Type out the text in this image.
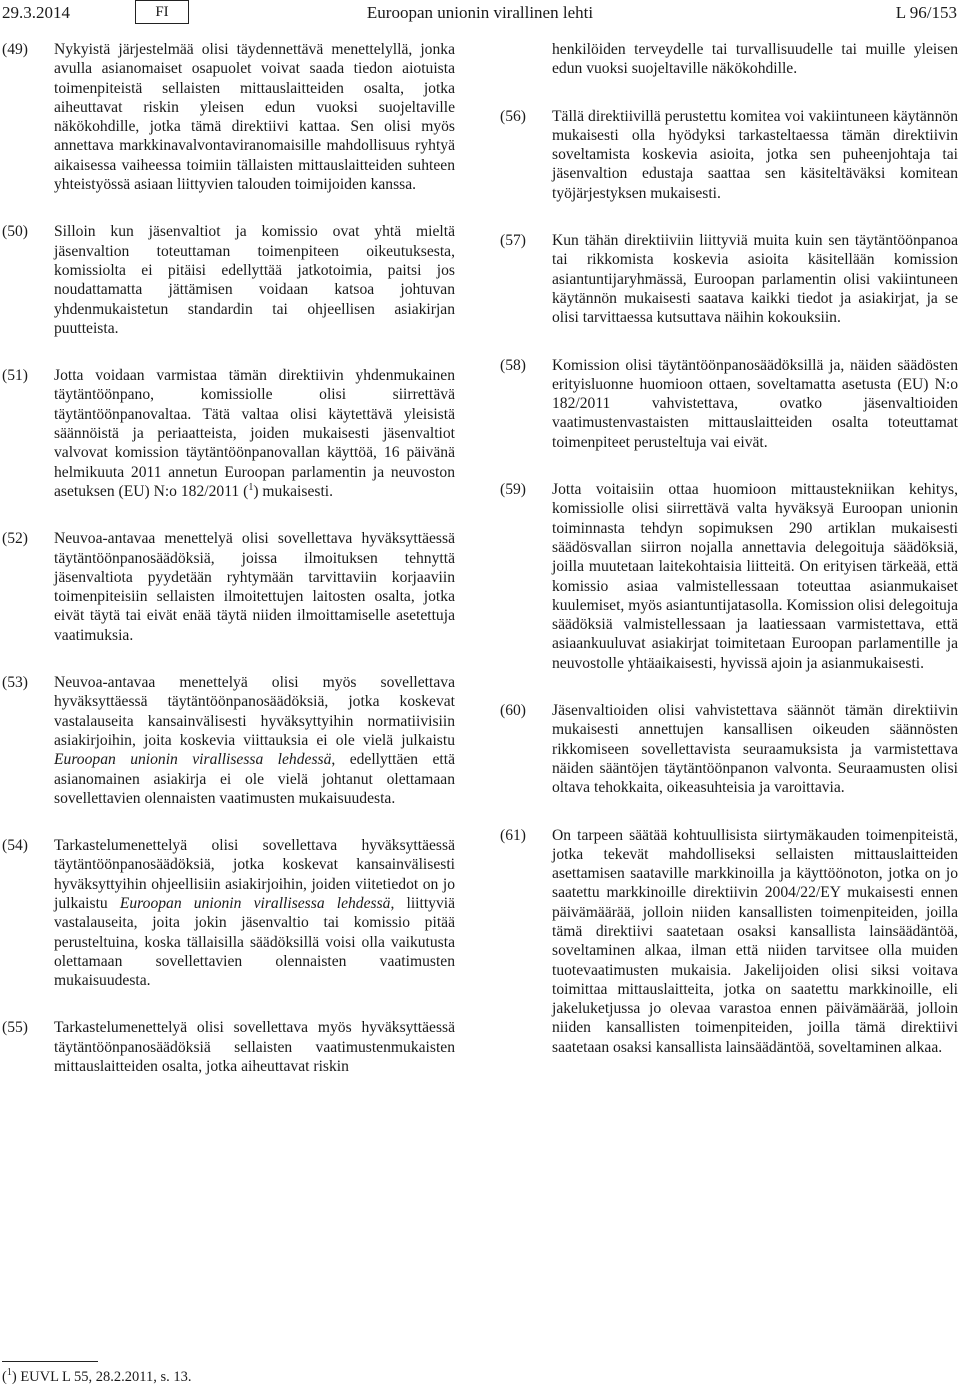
Euroopan unionin virallinen lehti
29.3.2014	FI	L 96/153
(49) Nykyistä järjestelmää olisi täydennettävä menettelyllä, jonka avulla asianomaiset osapuolet voivat saada tiedon aiotuista toimenpiteistä sellaisten mittauslaitteiden osalta, jotka aiheuttavat riskin yleisen edun vuoksi suojeltaville näkökohdille, jotka tämä direktiivi kattaa. Sen olisi myös annettava markkinavalvontaviranomaisille mahdollisuus ryhtyä aikaisessa vaiheessa toimiin tällaisten mittauslaitteiden suhteen yhteistyössä asiaan liittyvien talouden toimijoiden kanssa.
(50) Silloin kun jäsenvaltiot ja komissio ovat yhtä mieltä jäsenvaltion toteuttaman toimenpiteen oikeutuksesta, komissiolta ei pitäisi edellyttää jatkotoimia, paitsi jos noudattamatta jättämisen voidaan katsoa johtuvan yhdenmukaistetun standardin tai ohjeellisen asiakirjan puutteista.
(51) Jotta voidaan varmistaa tämän direktiivin yhdenmukainen täytäntöönpano, komissiolle olisi siirrettävä täytäntöönpanovaltaa. Tätä valtaa olisi käytettävä yleisistä säännöistä ja periaatteista, joiden mukaisesti jäsenvaltiot valvovat komission täytäntöönpanovallan käyttöä, 16 päivänä helmikuuta 2011 annetun Euroopan parlamentin ja neuvoston asetuksen (EU) N:o 182/2011 ($^1$) mukaisesti.
(52) Neuvoa-antavaa menettelyä olisi sovellettava hyväksyttäessä täytäntöönpanosäädöksiä, joissa ilmoituksen tehnyttä jäsenvaltiota pyydetään ryhtymään tarvittaviin korjaaviin toimenpiteisiin sellaisten ilmoitettujen laitosten osalta, jotka eivät täytä tai eivät enää täytä niiden ilmoittamiselle asetettuja vaatimuksia.
(53) Neuvoa-antavaa menettelyä olisi myös sovellettava hyväksyttäessä täytäntöönpanosäädöksiä, jotka koskevat vastalauseita kansainvälisesti hyväksyttyihin normatiivisiin asiakirjoihin, joita koskevia viittauksia ei ole vielä julkaistu Euroopan unionin virallisessa lehdessä, edellyttäen että asianomainen asiakirja ei ole vielä johtanut olettamaan sovellettavien olennaisten vaatimusten mukaisuudesta.
(54) Tarkastelumenettelyä olisi sovellettava hyväksyttäessä täytäntöönpanosäädöksiä, jotka koskevat kansainvälisesti hyväksyttyihin ohjeellisiin asiakirjoihin, joiden viitetiedot on jo julkaistu Euroopan unionin virallisessa lehdessä, liittyviä vastalauseita, joita jokin jäsenvaltio tai komissio pitää perusteltuina, koska tällaisilla säädöksillä voisi olla vaikutusta olettamaan sovellettavien olennaisten vaatimusten mukaisuudesta.
(55) Tarkastelumenettelyä olisi sovellettava myös hyväksyttäessä täytäntöönpanosäädöksiä sellaisten vaatimustenmukaisten mittauslaitteiden osalta, jotka aiheuttavat riskin
henkilöiden terveydelle tai turvallisuudelle tai muille yleisen edun vuoksi suojeltaville näkökohdille.
(56) Tällä direktiivillä perustettu komitea voi vakiintuneen käytännön mukaisesti olla hyödyksi tarkasteltaessa tämän direktiivin soveltamista koskevia asioita, jotka sen puheenjohtaja tai jäsenvaltion edustaja saattaa sen käsiteltäväksi komitean työjärjestyksen mukaisesti.
(57) Kun tähän direktiiviin liittyviä muita kuin sen täytäntöönpanoa tai rikkomista koskevia asioita käsitellään komission asiantuntijaryhmässä, Euroopan parlamentin olisi vakiintuneen käytännön mukaisesti saatava kaikki tiedot ja asiakirjat, ja se olisi tarvittaessa kutsuttava näihin kokouksiin.
(58) Komission olisi täytäntöönpanosäädöksillä ja, näiden säädösten erityisluonne huomioon ottaen, soveltamatta asetusta (EU) N:o 182/2011 vahvistettava, ovatko jäsenvaltioiden vaatimustenvastaisten mittauslaitteiden osalta toteuttamat toimenpiteet perusteltuja vai eivät.
(59) Jotta voitaisiin ottaa huomioon mittaustekniikan kehitys, komissiolle olisi siirrettävä valta hyväksyä Euroopan unionin toiminnasta tehdyn sopimuksen 290 artiklan mukaisesti säädösvallan siirron nojalla annettavia delegoituja säädöksiä, joilla muutetaan laitekohtaisia liitteitä. On erityisen tärkeää, että komissio asiaa valmistellessaan toteuttaa asianmukaiset kuulemiset, myös asiantuntijatasolla. Komission olisi delegoituja säädöksiä valmistellessaan ja laatiessaan varmistettava, että asiaankuuluvat asiakirjat toimitetaan Euroopan parlamentille ja neuvostolle yhtäaikaisesti, hyvissä ajoin ja asianmukaisesti.
(60) Jäsenvaltioiden olisi vahvistettava säännöt tämän direktiivin mukaisesti annettujen kansallisen oikeuden säännösten rikkomiseen sovellettavista seuraamuksista ja varmistettava näiden sääntöjen täytäntöönpanon valvonta. Seuraamusten olisi oltava tehokkaita, oikeasuhteisia ja varoittavia.
(61) On tarpeen säätää kohtuullisista siirtymäkauden toimenpiteistä, jotka tekevät mahdolliseksi sellaisten mittauslaitteiden asettamisen saataville markkinoilla ja käyttöönoton, jotka on jo saatettu markkinoille direktiivin 2004/22/EY mukaisesti ennen päivämäärää, jolloin niiden kansallisten toimenpiteiden, joilla tämä direktiivi saatetaan osaksi kansallista lainsäädäntöä, soveltaminen alkaa, ilman että niiden tarvitsee olla muiden tuotevaatimusten mukaisia. Jakelijoiden olisi siksi voitava toimittaa mittauslaitteita, jotka on saatettu markkinoille, eli jakeluketjussa jo olevaa varastoa ennen päivämäärää, jolloin niiden kansallisten toimenpiteiden, joilla tämä direktiivi saatetaan osaksi kansallista lainsäädäntöä, soveltaminen alkaa.
($^1$) EUVL L 55, 28.2.2011, s. 13.
